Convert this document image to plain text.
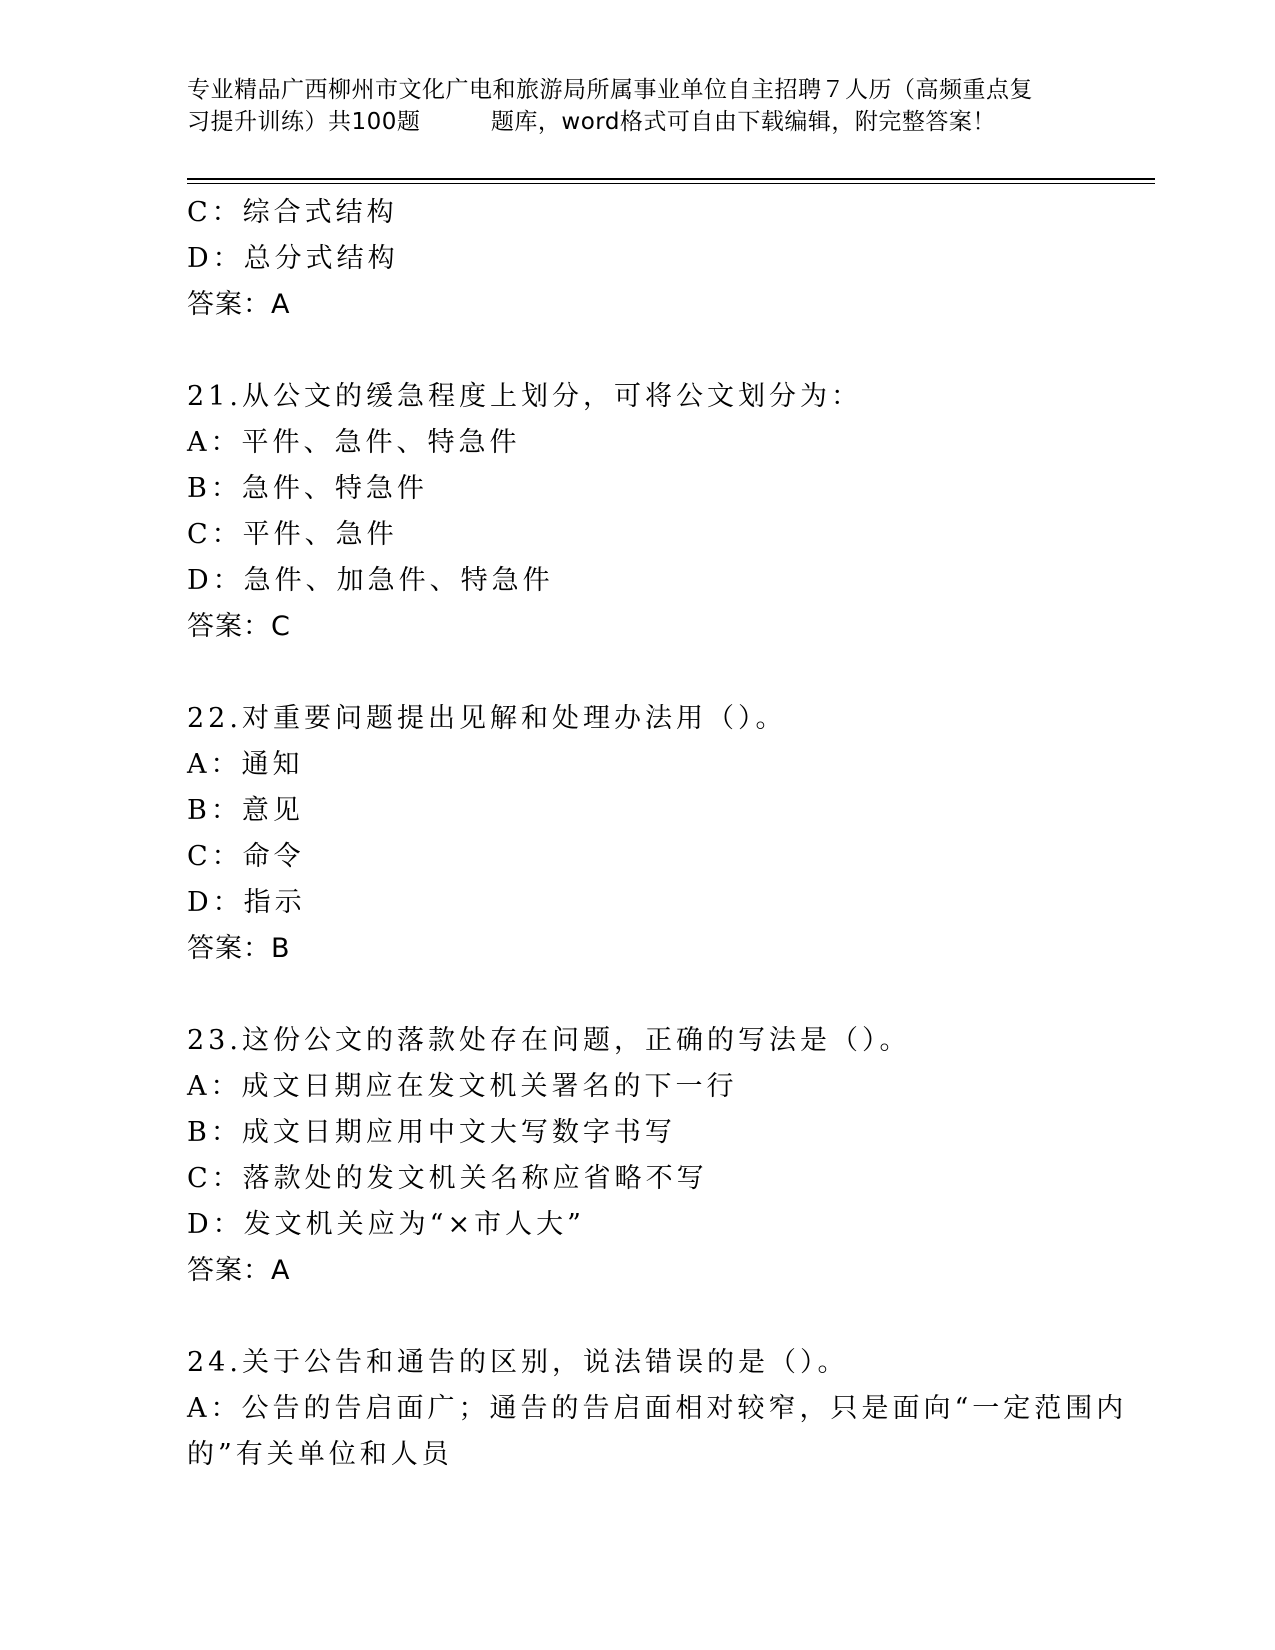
专业精品广西柳州市文化广电和旅游局所属事业单位自主招聘７人历（高频重点复
习提升训练）共100题　　　题库，word格式可自由下载编辑，附完整答案！
C：综合式结构
D：总分式结构
答案：A
21.从公文的缓急程度上划分，可将公文划分为：
A：平件、急件、特急件
B：急件、特急件
C：平件、急件
D：急件、加急件、特急件
答案：C
22.对重要问题提出见解和处理办法用（）。
A：通知
B：意见
C：命令
D：指示
答案：B
23.这份公文的落款处存在问题，正确的写法是（）。
A：成文日期应在发文机关署名的下一行
B：成文日期应用中文大写数字书写
C：落款处的发文机关名称应省略不写
D：发文机关应为“×市人大”
答案：A
24.关于公告和通告的区别，说法错误的是（）。
A：公告的告启面广；通告的告启面相对较窄，只是面向“一定范围内
的”有关单位和人员
